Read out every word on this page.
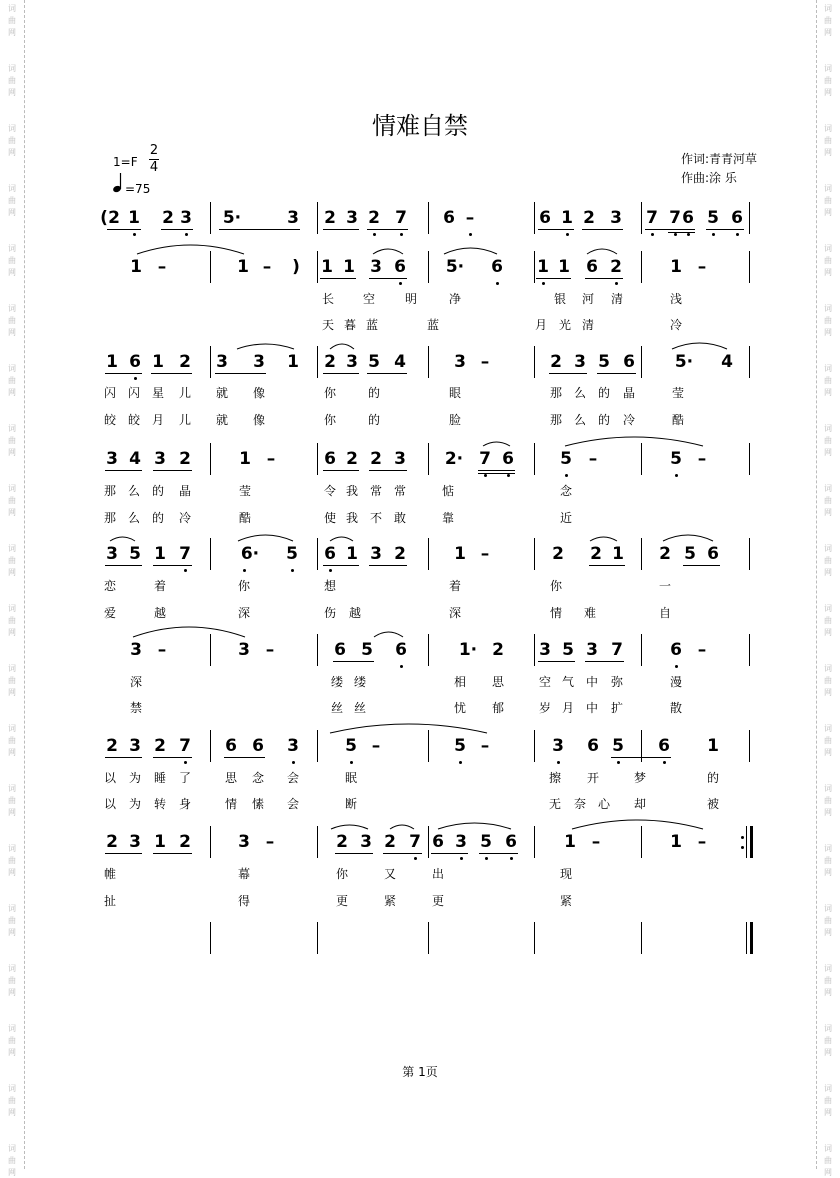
词
曲
网
词
曲
网
词
曲
网
词
曲
网
词
曲
网
词
曲
网
词
曲
网
词
曲
网
词
曲
网
词
曲
网
词
曲
网
词
曲
网
词
曲
网
词
曲
网
词
曲
网
词
曲
网
词
曲
网
词
曲
网
词
曲
网
词
曲
网
词
曲
网
词
曲
网
词
曲
网
词
曲
网
词
曲
网
词
曲
网
词
曲
网
词
曲
网
词
曲
网
词
曲
网
词
曲
网
词
曲
网
词
曲
网
词
曲
网
词
曲
网
词
曲
网
词
曲
网
词
曲
网
词
曲
网
词
曲
网
情难自禁
1=F
2
4
=75
作词:青青河草
作曲:涂 乐
( 2 1 2 3 5·	3 2 3 2 7 6 –	6 1 2 3 7 7 6 5 6
1 –	1 – ) 1 1 3 6 5· 6 1 1 6 2	1 –
长 空 明	净	银 河 清	浅
天 暮 蓝	蓝	月 光 清	冷
1 6 1 2 3 3 1 2 3 5 4	3 –	2 3 5 6 5· 4
闪 闪 星 儿 就 像	你	的	眼	那 么 的 晶	莹
皎 皎 月 儿 就 像	你	的	脸	那 么 的 冷	酷
3 4 3 2	1 –	6 2 2 3 2· 7 6	5 –	5 –
那 么 的 晶	莹	令 我 常 常	惦	念
那 么 的 冷	酷	使 我 不 敢	靠	近
3 5 1 7	6· 5 6 1 3 2	1 –	2 2 1 2 5 6
恋	着	你	想	着	你	一
爱	越	深	伤 越	深	情 难	自
3 –	3 –	6 5 6	1· 2 3 5 3 7	6 –
深	缕 缕	相 思	空 气 中 弥	漫
禁	丝 丝	忧 郁	岁 月 中 扩	散
2 3 2 7 6 6 3	5 –	5 –	3 6 5 6 1
以 为 睡 了	思 念 会	眠	擦 开	梦	的
以 为 转 身	情 愫 会	断	无 奈 心 却	被
2 3 1 2	3 –	2 3 2 7 6 3 5 6	1 –	1 –
帷	幕	你	又	出	现
扯	得	更	紧	更	紧
第 1页
